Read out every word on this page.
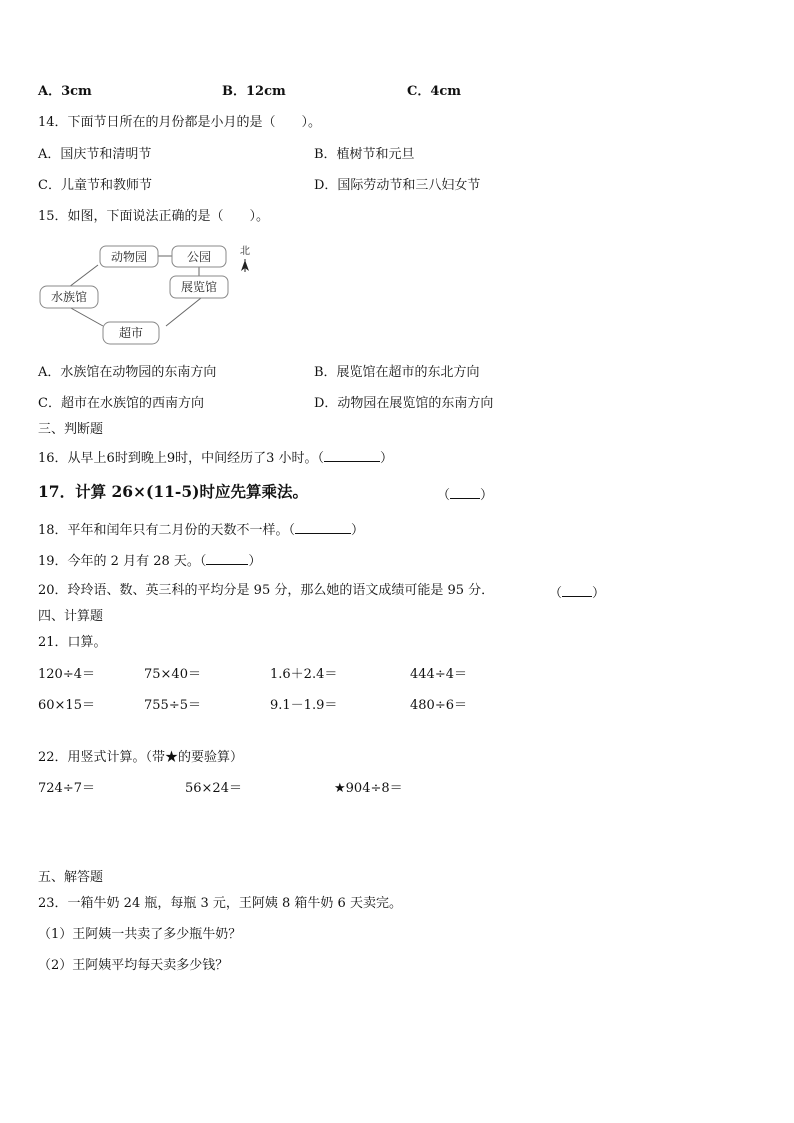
A．3cm	B．12cm	C．4cm
14．下面节日所在的月份都是小月的是（　　）。
A．国庆节和清明节	B．植树节和元旦
C．儿童节和教师节	D．国际劳动节和三八妇女节
15．如图，下面说法正确的是（　　）。
动物园	公园
展览馆
水族馆
超市
北
A．水族馆在动物园的东南方向	B．展览馆在超市的东北方向
C．超市在水族馆的西南方向	D．动物园在展览馆的东南方向
三、判断题
16．从早上6时到晚上9时，中间经历了3 小时。（	）
17．计算 26×(11-5)时应先算乘法。	（ ）
18．平年和闰年只有二月份的天数不一样。（	）
19．今年的 2 月有 28 天。（	）
20．玲玲语、数、英三科的平均分是 95 分，那么她的语文成绩可能是 95 分．	（ ）
四、计算题
21．口算。
120÷4＝	75×40＝	1.6＋2.4＝	444÷4＝
60×15＝	755÷5＝	9.1－1.9＝	480÷6＝
22．用竖式计算。（带★的要验算）
724÷7＝	56×24＝	★904÷8＝
五、解答题
23．一箱牛奶 24 瓶，每瓶 3 元，王阿姨 8 箱牛奶 6 天卖完。
（1）王阿姨一共卖了多少瓶牛奶？
（2）王阿姨平均每天卖多少钱？
